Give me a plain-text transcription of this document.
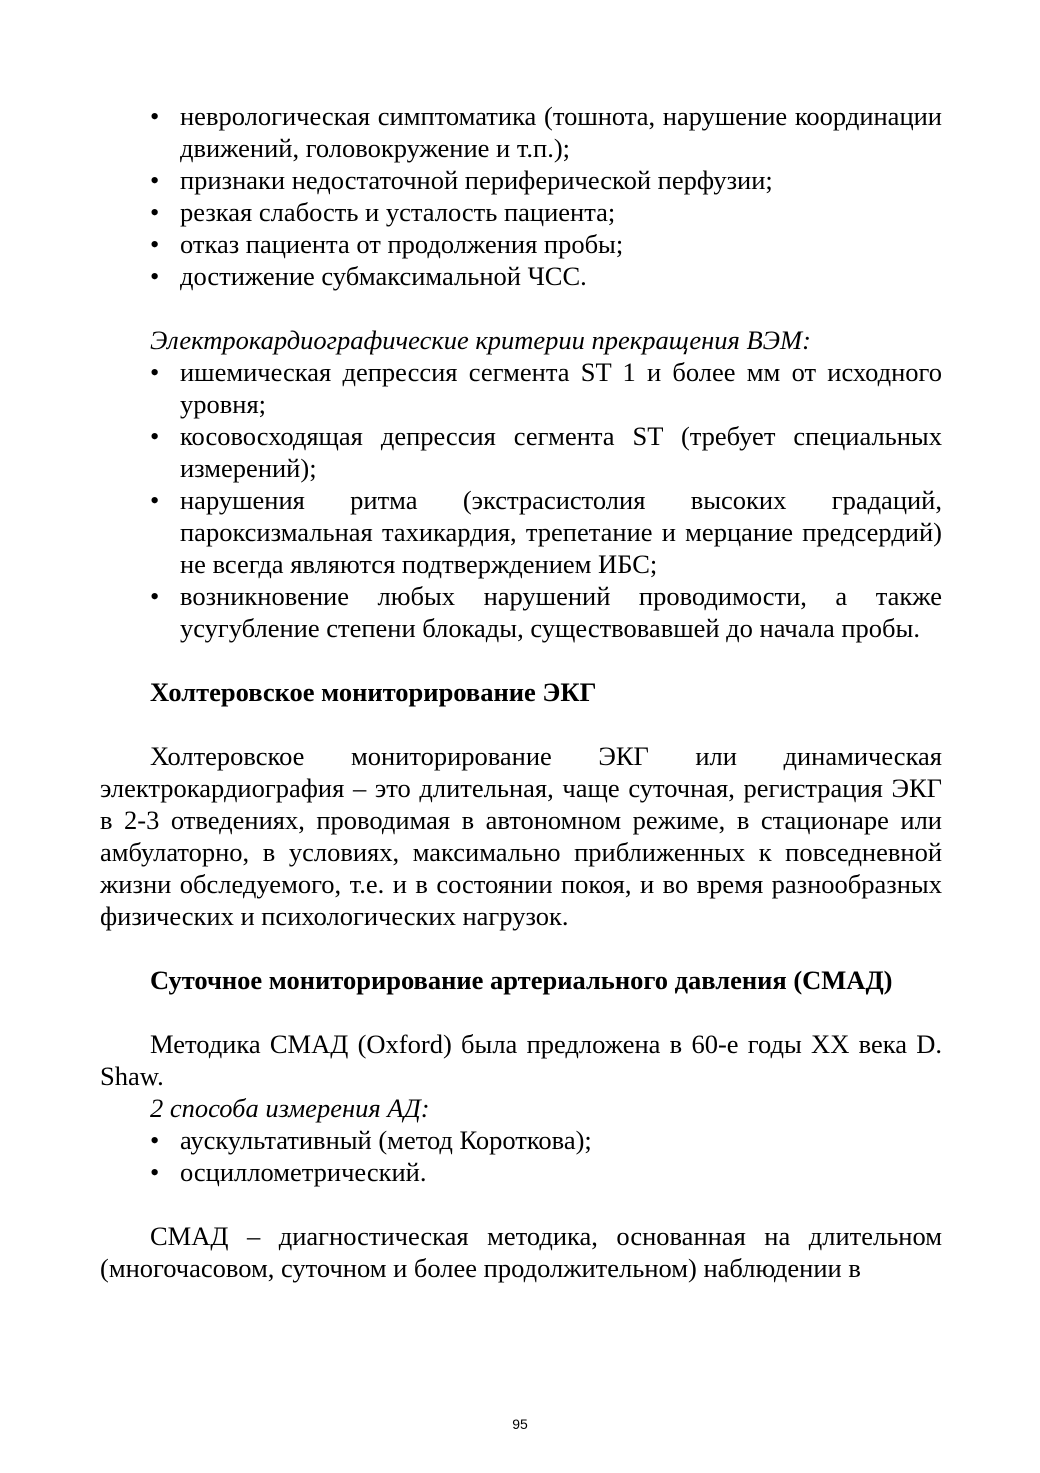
• неврологическая симптоматика (тошнота, нарушение координации движений, головокружение и т.п.);
• признаки недостаточной периферической перфузии;
• резкая слабость и усталость пациента;
• отказ пациента от продолжения пробы;
• достижение субмаксимальной ЧСС.
Электрокардиографические критерии прекращения ВЭМ:
• ишемическая депрессия сегмента ST 1 и более мм от исходного уровня;
• косовосходящая депрессия сегмента ST (требует специальных измерений);
• нарушения ритма (экстрасистолия высоких градаций, пароксизмальная тахикардия, трепетание и мерцание предсердий) не всегда являются подтверждением ИБС;
• возникновение любых нарушений проводимости, а также усугубление степени блокады, существовавшей до начала пробы.
Холтеровское мониторирование ЭКГ

Холтеровское мониторирование ЭКГ или динамическая электрокардиография – это длительная, чаще суточная, регистрация ЭКГ в 2-3 отведениях, проводимая в автономном режиме, в стационаре или амбулаторно, в условиях, максимально приближенных к повседневной жизни обследуемого, т.е. и в состоянии покоя, и во время разнообразных физических и психологических нагрузок.

Суточное мониторирование артериального давления (СМАД)

Методика СМАД (Oxford) была предложена в 60-е годы XX века D. Shaw.

2 способа измерения АД:
• аускультативный (метод Короткова);
• осциллометрический.

СМАД – диагностическая методика, основанная на длительном (многочасовом, суточном и более продолжительном) наблюдении в

95
